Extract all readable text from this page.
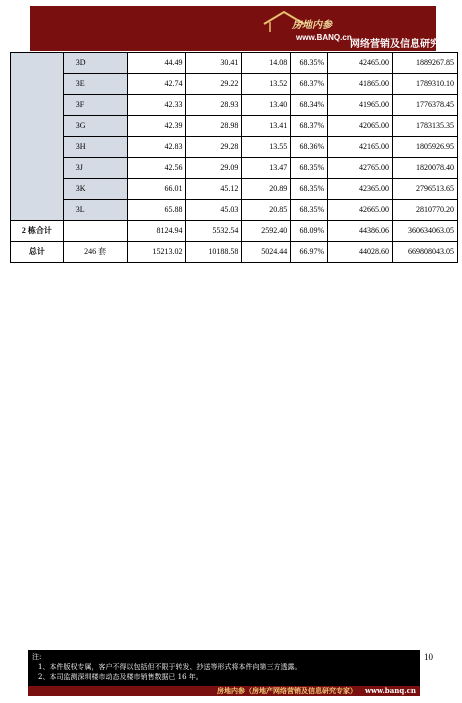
房地内参
www.BANQ.cn
网络营销及信息研究专家
	3D	44.49	30.41	14.08	68.35%	42465.00	1889267.85
	3E	42.74	29.22	13.52	68.37%	41865.00	1789310.10
	3F	42.33	28.93	13.40	68.34%	41965.00	1776378.45
	3G	42.39	28.98	13.41	68.37%	42065.00	1783135.35
	3H	42.83	29.28	13.55	68.36%	42165.00	1805926.95
	3J	42.56	29.09	13.47	68.35%	42765.00	1820078.40
	3K	66.01	45.12	20.89	68.35%	42365.00	2796513.65
	3L	65.88	45.03	20.85	68.35%	42665.00	2810770.20
2 栋合计		8124.94	5532.54	2592.40	68.09%	44386.06	360634063.05
总计	246 套	15213.02	10188.58	5024.44	66.97%	44028.60	669808043.05
10
注:
1、本件版权专属，客户不得以包括但不限于转发、抄送等形式将本件向第三方透露。
2、本司监测深圳楼市动态及楼市销售数据已 16 年。
房地内参（房地产网络营销及信息研究专家） www.banq.cn
